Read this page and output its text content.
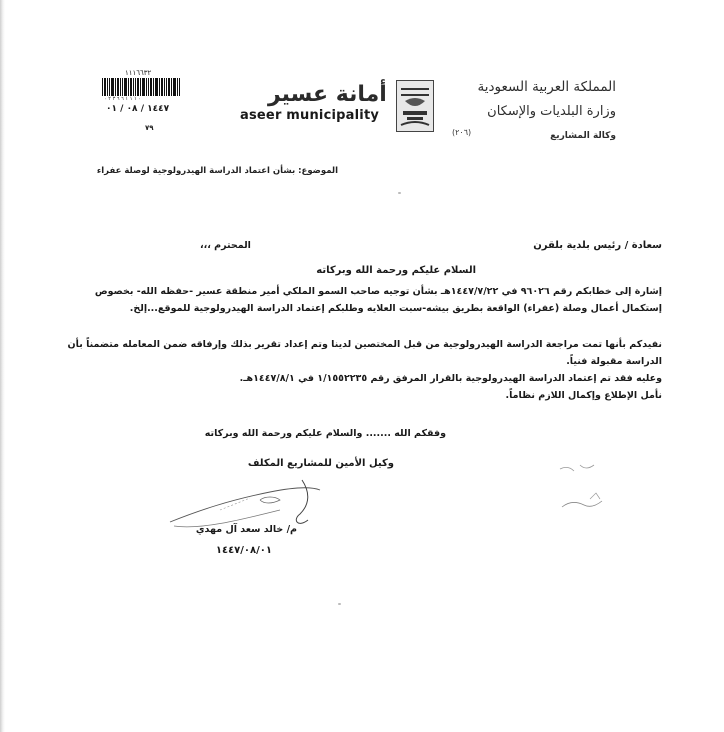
المملكة العربية السعودية
وزارة البلديات والإسكان
وكالة المشاريع
أمانة عسير
aseer municipality
(٢٠٦)
١١١٦٦٣٢
٠ ١ ١ ١ ٦ ٦ ٣ ٢ ٠
١٤٤٧ / ٠٨ / ٠١
٧٩
الموضوع: بشأن اعتماد الدراسة الهيدرولوجية لوصلة عفراء
سعادة / رئيس بلدية بلقرن
المحترم ،،،
السلام عليكم ورحمة الله وبركاته
إشارة إلى خطابكم رقم ٩٦٠٢٦ في ١٤٤٧/٧/٢٢هـ بشأن توجيه صاحب السمو الملكي أمير منطقة عسير -حفظه الله- بخصوص إستكمال أعمال وصلة (عفراء) الواقعة بطريق بيشه-سبت العلايه وطلبكم إعتماد الدراسة الهيدرولوجية للموقع...إلخ.
نفيدكم بأنها تمت مراجعة الدراسة الهيدرولوجية من قبل المختصين لدينا وتم إعداد تقرير بذلك وإرفاقه ضمن المعامله متضمناً بأن الدراسة مقبولة فنياً.
وعليه فقد تم إعتماد الدراسة الهيدرولوجية بالقرار المرفق رقم ١/١٥٥٢٢٣٥ في ١٤٤٧/٨/١هـ.
نأمل الإطلاع وإكمال اللازم نظاماً.
وفقكم الله ....... والسلام عليكم ورحمة الله وبركاته
وكيل الأمين للمشاريع المكلف
م/ خالد سعد آل مهدي
١٤٤٧/٠٨/٠١
